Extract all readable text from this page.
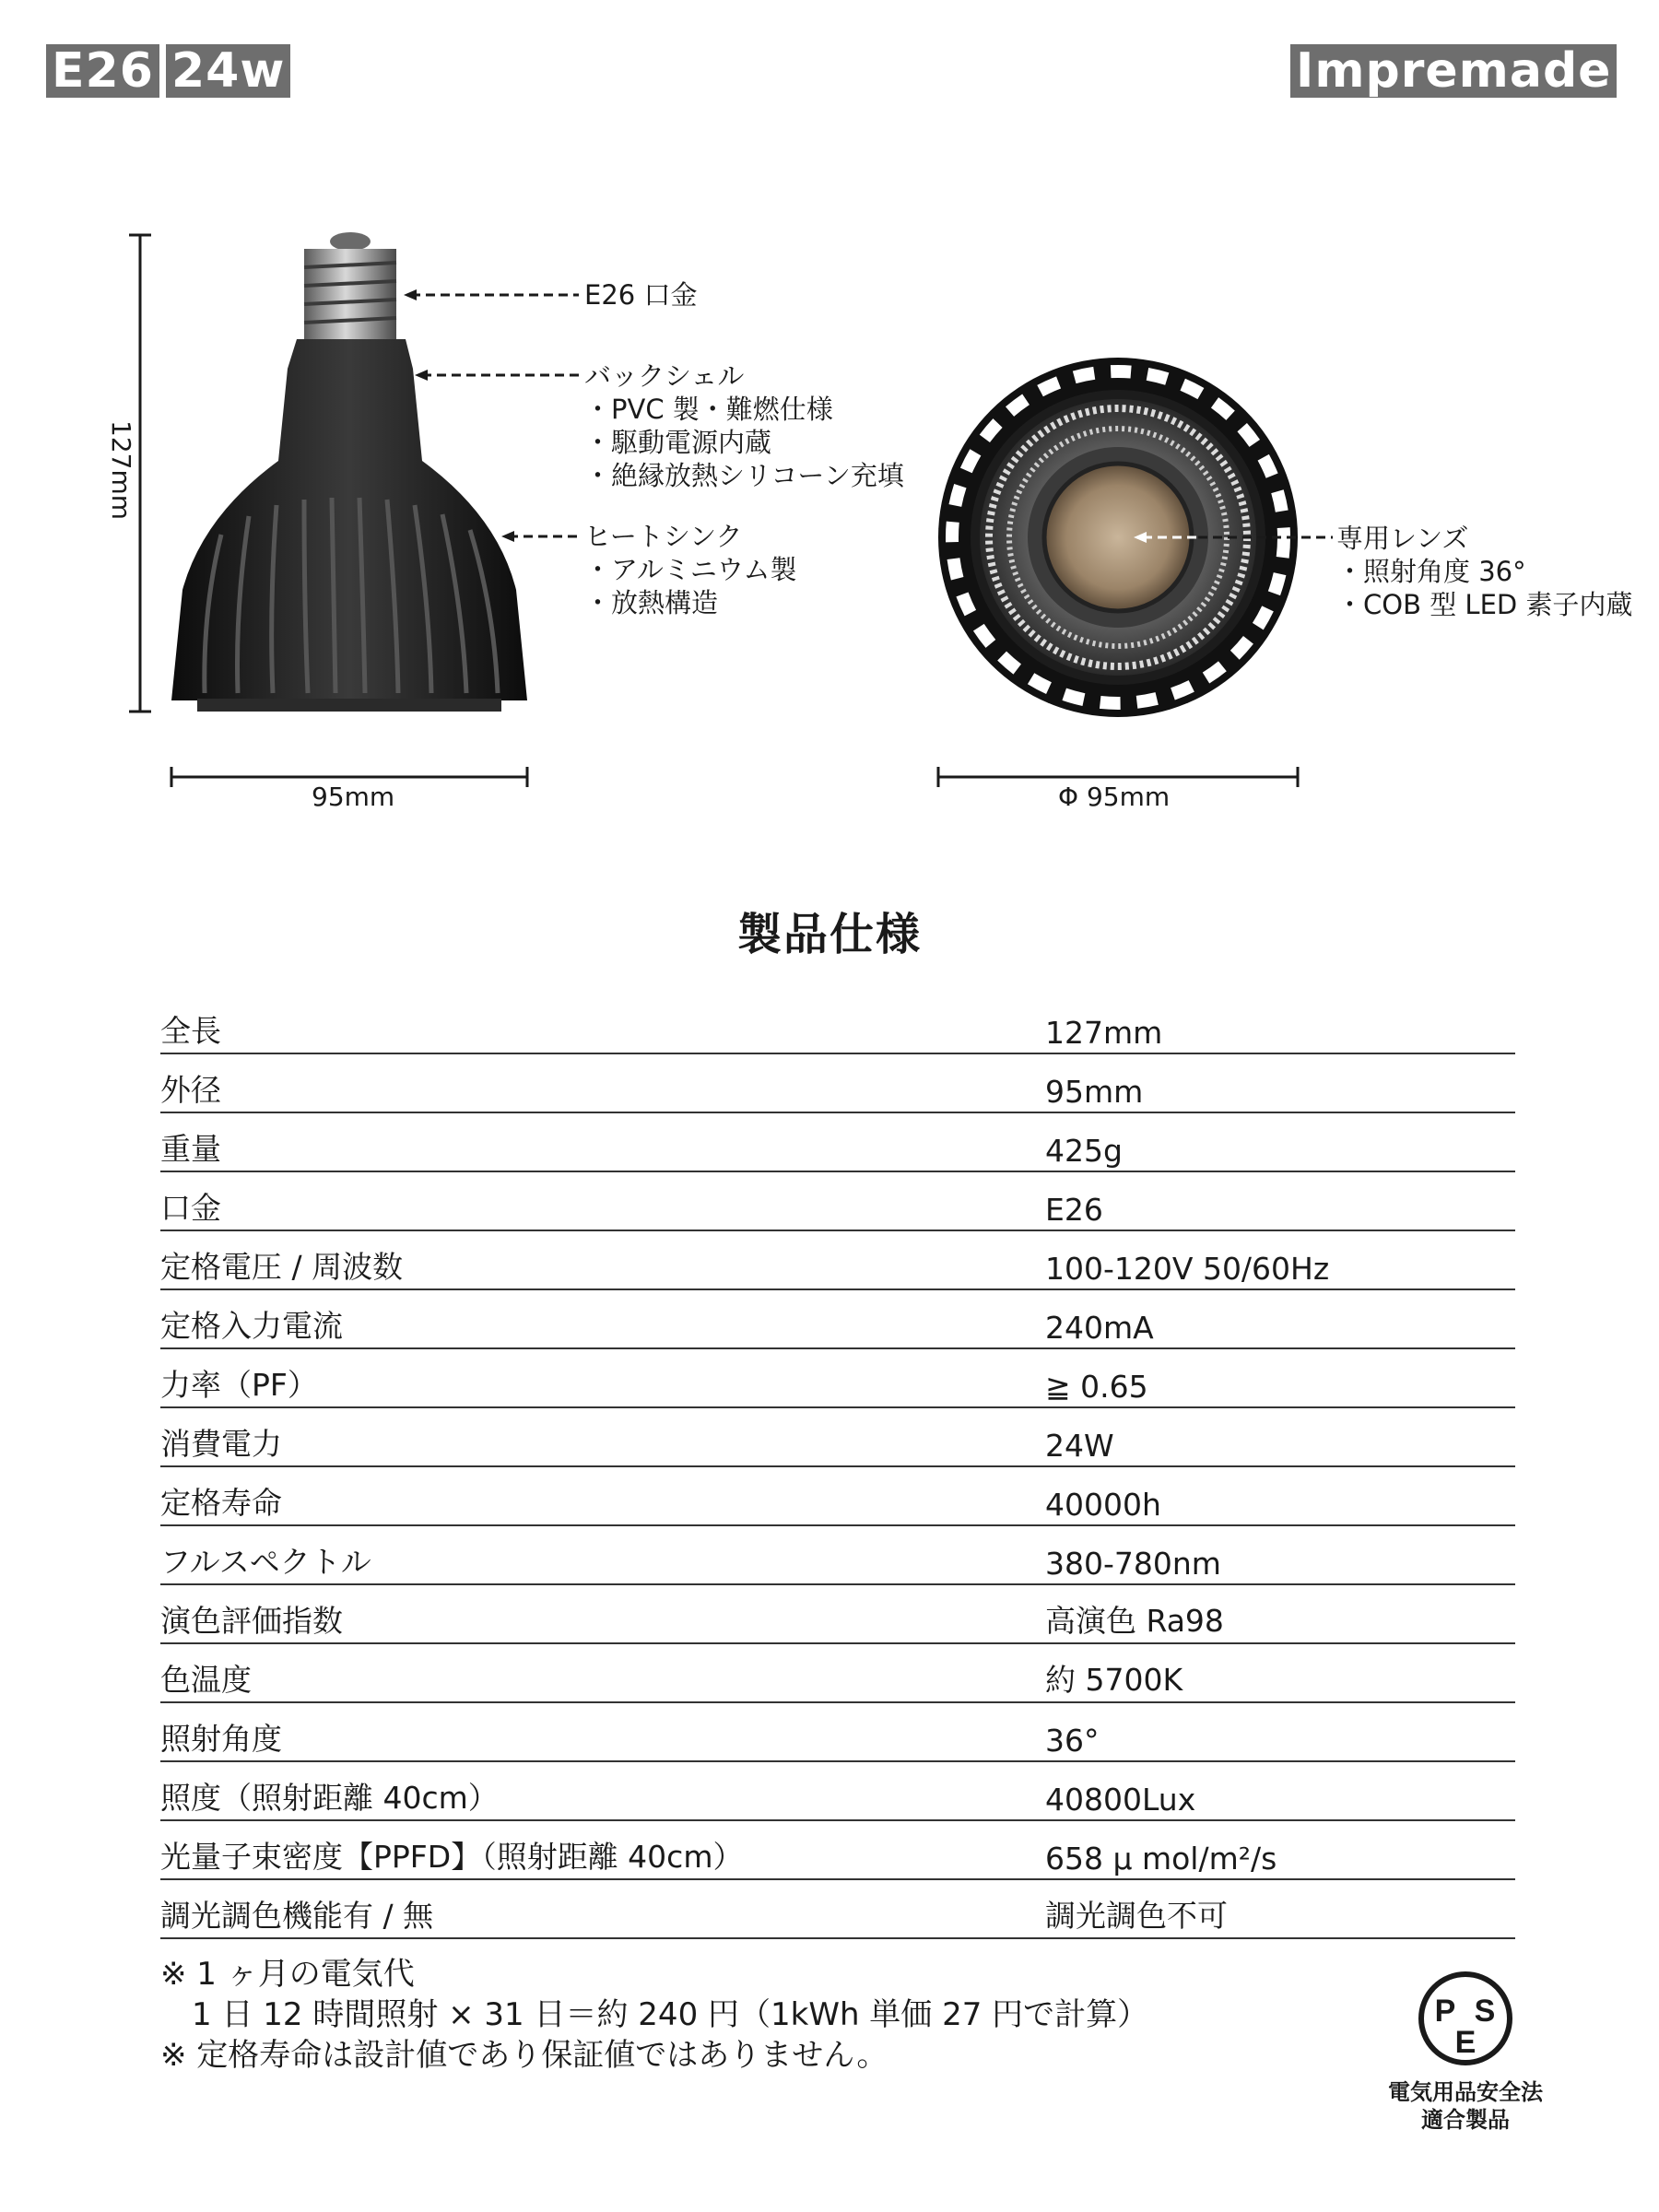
E26 24w	Impremade
127mm
95mm	Φ 95mm
E26 口金
バックシェル
・PVC 製・難燃仕様
・駆動電源内蔵
・絶縁放熱シリコーン充填
ヒートシンク
・アルミニウム製
・放熱構造
専用レンズ
・照射角度 36°
・COB 型 LED 素子内蔵
製品仕様
全長	127mm
外径	95mm
重量	425g
口金	E26
定格電圧 / 周波数	100-120V 50/60Hz
定格入力電流	240mA
力率（PF）	≧ 0.65
消費電力	24W
定格寿命	40000h
フルスペクトル	380-780nm
演色評価指数	高演色 Ra98
色温度	約 5700K
照射角度	36°
照度（照射距離 40cm）	40800Lux
光量子束密度【PPFD】（照射距離 40cm）	658 µ mol/m²/s
調光調色機能有 / 無	調光調色不可
※ 1 ヶ月の電気代
　1 日 12 時間照射 × 31 日＝約 240 円（1kWh 単価 27 円で計算）
※ 定格寿命は設計値であり保証値ではありません。
P S
E
電気用品安全法
適合製品
